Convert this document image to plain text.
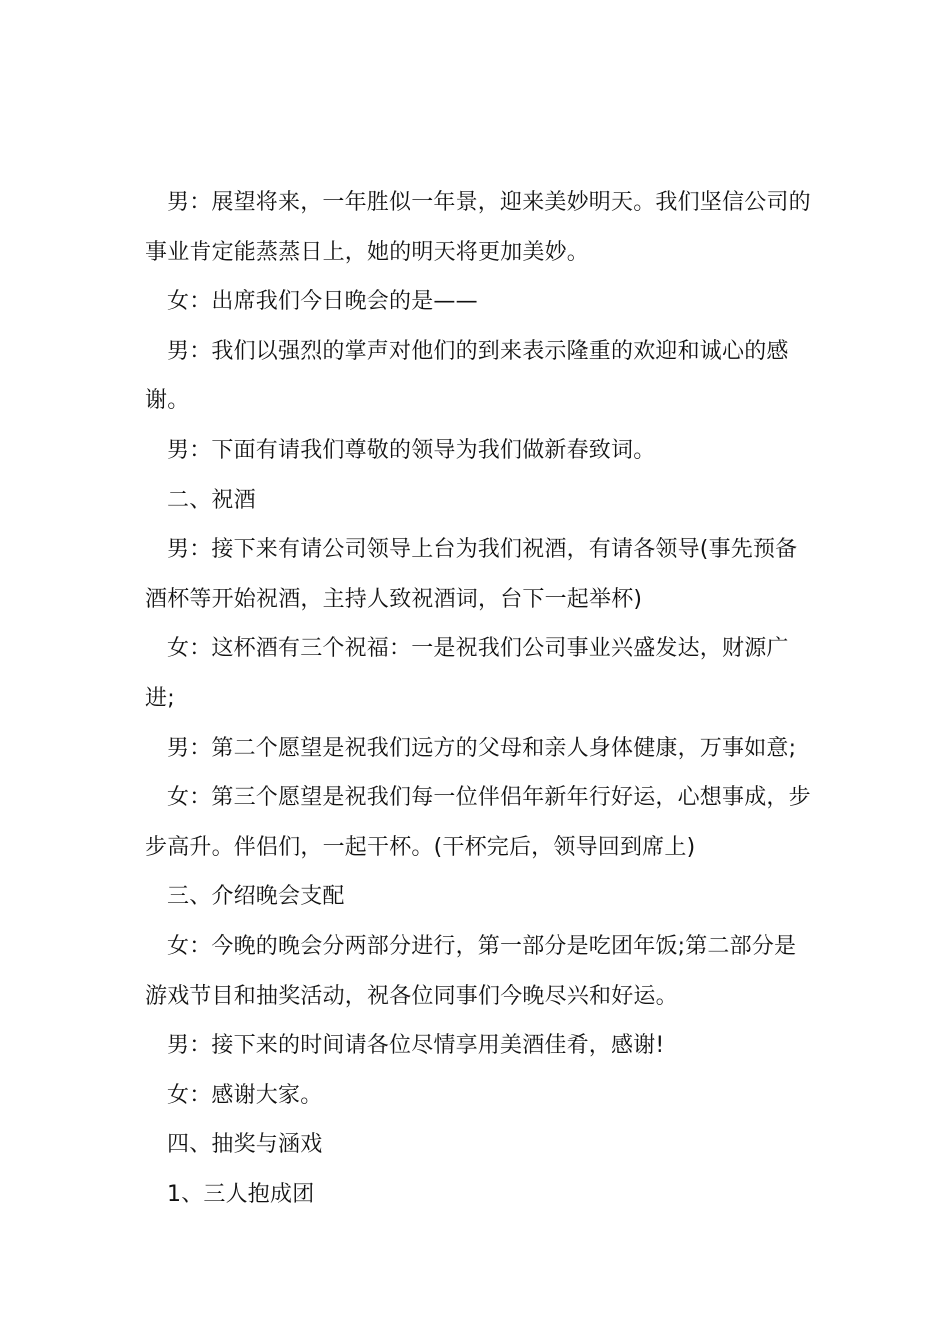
男：展望将来，一年胜似一年景，迎来美妙明天。我们坚信公司的事业肯定能蒸蒸日上，她的明天将更加美妙。

女：出席我们今日晚会的是——

男：我们以强烈的掌声对他们的到来表示隆重的欢迎和诚心的感谢。

男：下面有请我们尊敬的领导为我们做新春致词。

二、祝酒

男：接下来有请公司领导上台为我们祝酒，有请各领导(事先预备酒杯等开始祝酒，主持人致祝酒词，台下一起举杯)

女：这杯酒有三个祝福：一是祝我们公司事业兴盛发达，财源广进;

男：第二个愿望是祝我们远方的父母和亲人身体健康，万事如意;

女：第三个愿望是祝我们每一位伴侣年新年行好运，心想事成，步步高升。伴侣们，一起干杯。(干杯完后，领导回到席上)

三、介绍晚会支配

女：今晚的晚会分两部分进行，第一部分是吃团年饭;第二部分是游戏节目和抽奖活动，祝各位同事们今晚尽兴和好运。

男：接下来的时间请各位尽情享用美酒佳肴，感谢!

女：感谢大家。

四、抽奖与涵戏

1、三人抱成团
